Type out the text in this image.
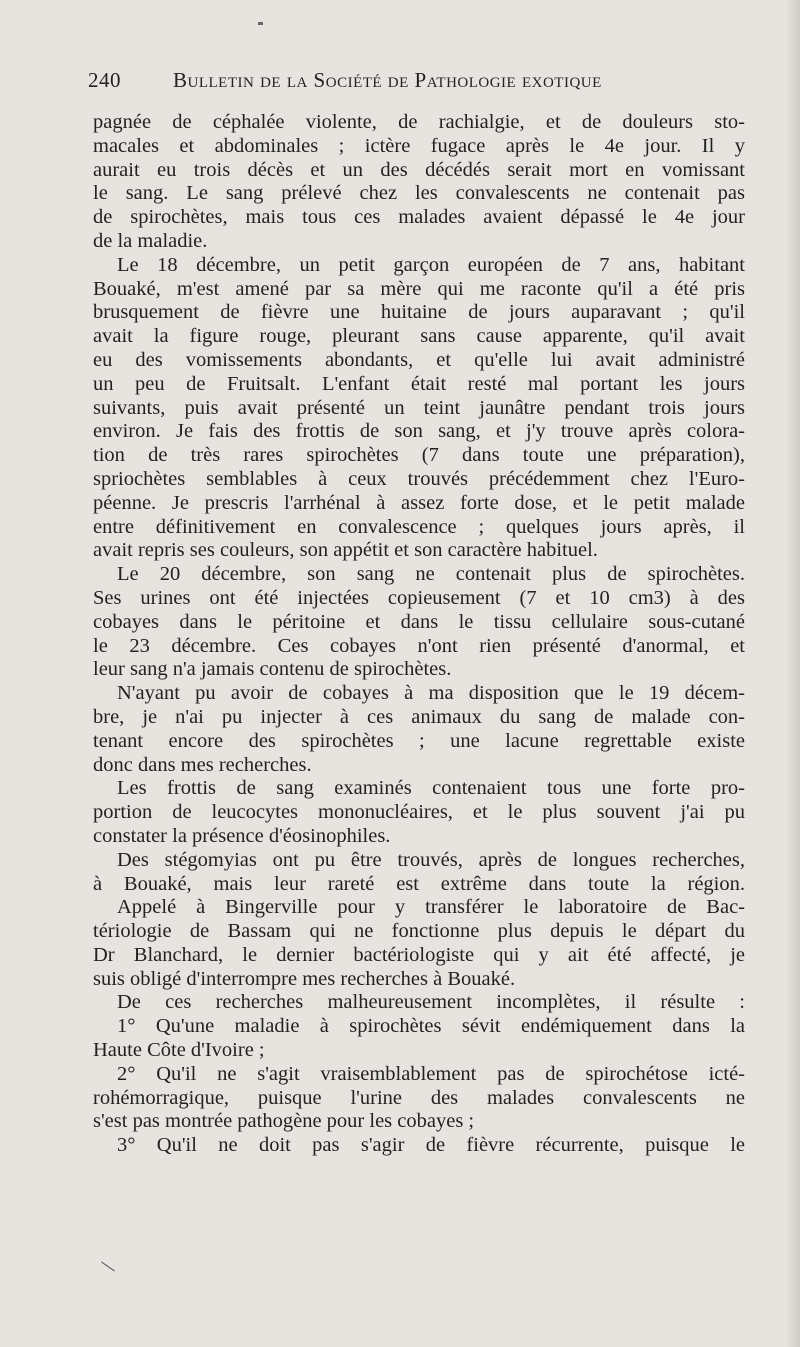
240 Bulletin de la Société de Pathologie exotique
pagnée de céphalée violente, de rachialgie, et de douleurs sto-
macales et abdominales ; ictère fugace après le 4e jour. Il y
aurait eu trois décès et un des décédés serait mort en vomissant
le sang. Le sang prélevé chez les convalescents ne contenait pas
de spirochètes, mais tous ces malades avaient dépassé le 4e jour
de la maladie.
Le 18 décembre, un petit garçon européen de 7 ans, habitant
Bouaké, m'est amené par sa mère qui me raconte qu'il a été pris
brusquement de fièvre une huitaine de jours auparavant ; qu'il
avait la figure rouge, pleurant sans cause apparente, qu'il avait
eu des vomissements abondants, et qu'elle lui avait administré
un peu de Fruitsalt. L'enfant était resté mal portant les jours
suivants, puis avait présenté un teint jaunâtre pendant trois jours
environ. Je fais des frottis de son sang, et j'y trouve après colora-
tion de très rares spirochètes (7 dans toute une préparation),
spriochètes semblables à ceux trouvés précédemment chez l'Euro-
péenne. Je prescris l'arrhénal à assez forte dose, et le petit malade
entre définitivement en convalescence ; quelques jours après, il
avait repris ses couleurs, son appétit et son caractère habituel.
Le 20 décembre, son sang ne contenait plus de spirochètes.
Ses urines ont été injectées copieusement (7 et 10 cm3) à des
cobayes dans le péritoine et dans le tissu cellulaire sous-cutané
le 23 décembre. Ces cobayes n'ont rien présenté d'anormal, et
leur sang n'a jamais contenu de spirochètes.
N'ayant pu avoir de cobayes à ma disposition que le 19 décem-
bre, je n'ai pu injecter à ces animaux du sang de malade con-
tenant encore des spirochètes ; une lacune regrettable existe
donc dans mes recherches.
Les frottis de sang examinés contenaient tous une forte pro-
portion de leucocytes mononucléaires, et le plus souvent j'ai pu
constater la présence d'éosinophiles.
Des stégomyias ont pu être trouvés, après de longues recherches,
à Bouaké, mais leur rareté est extrême dans toute la région.
Appelé à Bingerville pour y transférer le laboratoire de Bac-
tériologie de Bassam qui ne fonctionne plus depuis le départ du
Dr Blanchard, le dernier bactériologiste qui y ait été affecté, je
suis obligé d'interrompre mes recherches à Bouaké.
De ces recherches malheureusement incomplètes, il résulte :
1° Qu'une maladie à spirochètes sévit endémiquement dans la
Haute Côte d'Ivoire ;
2° Qu'il ne s'agit vraisemblablement pas de spirochétose icté-
rohémorragique, puisque l'urine des malades convalescents ne
s'est pas montrée pathogène pour les cobayes ;
3° Qu'il ne doit pas s'agir de fièvre récurrente, puisque le
